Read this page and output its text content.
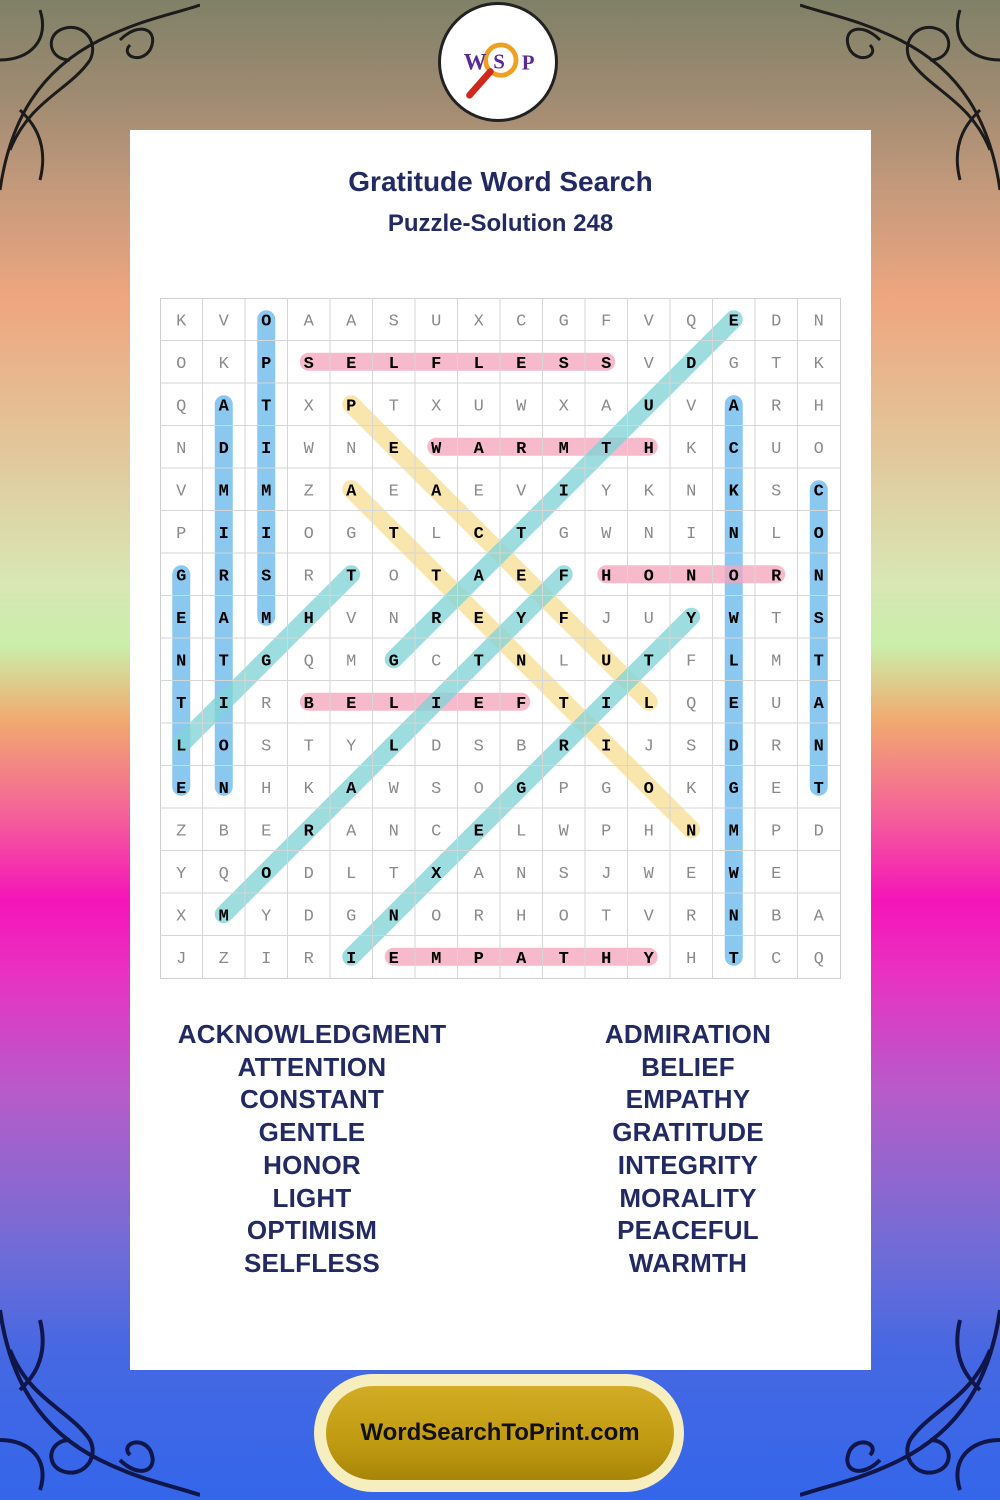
W S P
Gratitude Word Search
Puzzle-Solution 248
K V O A A S U X C G F V Q E D N
O K P S E L F L E S S V D G T K
Q A T X P T X U W X A U V A R H
N D I W N E W A R M T H K C U O
V M M Z A E A E V I Y K N K S C
P I I O G T L C T G W N I N L O
G R S R T O T A E F H O N O R N
E A M H V N R E Y F J U Y W T S
N T G Q M G C T N L U T F L M T
T I R B E L I E F T I L Q E U A
L O S T Y L D S B R I J S D R N
E N H K A W S O G P G O K G E T
Z B E R A N C E L W P H N M P D
Y Q O D L T X A N S J W E W E
X M Y D G N O R H O T V R N B A
J Z I R I E M P A T H Y H T C Q
ACKNOWLEDGMENT
ATTENTION
CONSTANT
GENTLE
HONOR
LIGHT
OPTIMISM
SELFLESS
ADMIRATION
BELIEF
EMPATHY
GRATITUDE
INTEGRITY
MORALITY
PEACEFUL
WARMTH
WordSearchToPrint.com
